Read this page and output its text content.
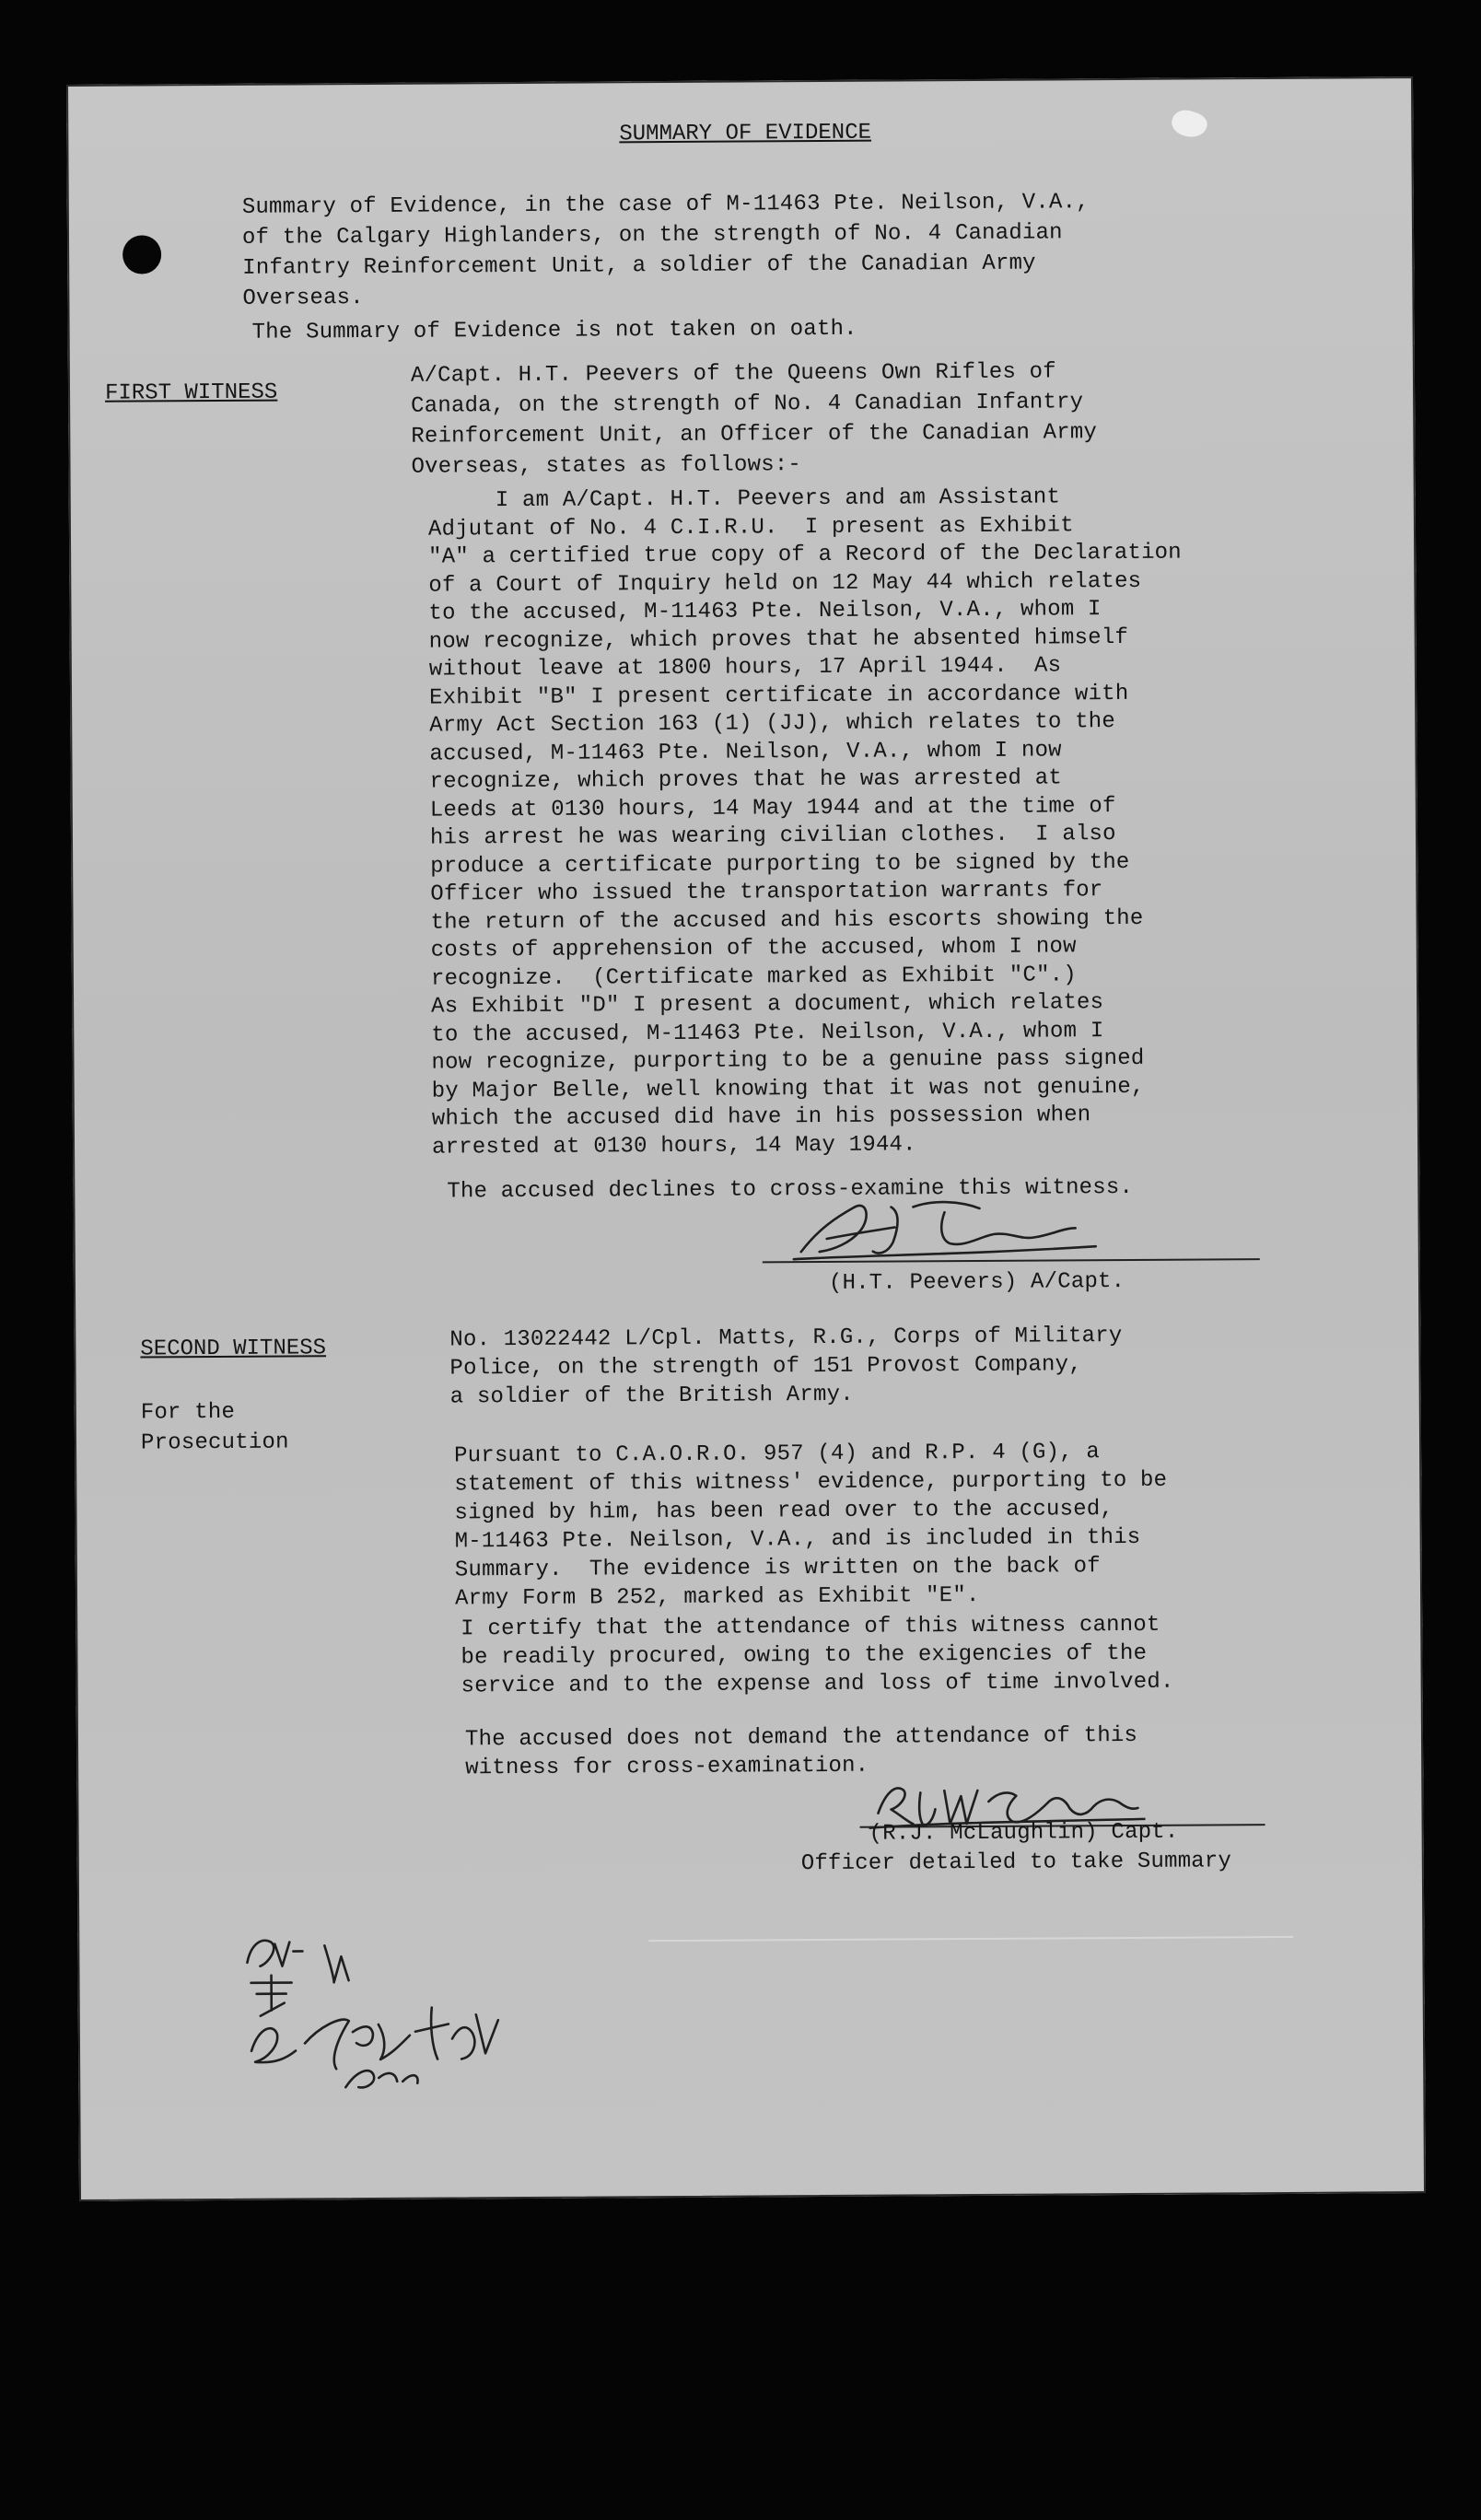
SUMMARY OF EVIDENCE
Summary of Evidence, in the case of M-11463 Pte. Neilson, V.A.,
of the Calgary Highlanders, on the strength of No. 4 Canadian
Infantry Reinforcement Unit, a soldier of the Canadian Army
Overseas.
The Summary of Evidence is not taken on oath.
FIRST WITNESS
A/Capt. H.T. Peevers of the Queens Own Rifles of
Canada, on the strength of No. 4 Canadian Infantry
Reinforcement Unit, an Officer of the Canadian Army
Overseas, states as follows:-
I am A/Capt. H.T. Peevers and am Assistant
Adjutant of No. 4 C.I.R.U.  I present as Exhibit
"A" a certified true copy of a Record of the Declaration
of a Court of Inquiry held on 12 May 44 which relates
to the accused, M-11463 Pte. Neilson, V.A., whom I
now recognize, which proves that he absented himself
without leave at 1800 hours, 17 April 1944.  As
Exhibit "B" I present certificate in accordance with
Army Act Section 163 (1) (JJ), which relates to the
accused, M-11463 Pte. Neilson, V.A., whom I now
recognize, which proves that he was arrested at
Leeds at 0130 hours, 14 May 1944 and at the time of
his arrest he was wearing civilian clothes.  I also
produce a certificate purporting to be signed by the
Officer who issued the transportation warrants for
the return of the accused and his escorts showing the
costs of apprehension of the accused, whom I now
recognize.  (Certificate marked as Exhibit "C".)
As Exhibit "D" I present a document, which relates
to the accused, M-11463 Pte. Neilson, V.A., whom I
now recognize, purporting to be a genuine pass signed
by Major Belle, well knowing that it was not genuine,
which the accused did have in his possession when
arrested at 0130 hours, 14 May 1944.
The accused declines to cross-examine this witness.
(H.T. Peevers) A/Capt.
SECOND WITNESS
For the
Prosecution
No. 13022442 L/Cpl. Matts, R.G., Corps of Military
Police, on the strength of 151 Provost Company,
a soldier of the British Army.
Pursuant to C.A.O.R.O. 957 (4) and R.P. 4 (G), a
statement of this witness' evidence, purporting to be
signed by him, has been read over to the accused,
M-11463 Pte. Neilson, V.A., and is included in this
Summary.  The evidence is written on the back of
Army Form B 252, marked as Exhibit "E".
I certify that the attendance of this witness cannot
be readily procured, owing to the exigencies of the
service and to the expense and loss of time involved.
The accused does not demand the attendance of this
witness for cross-examination.
(R.J. McLaughlin) Capt.
Officer detailed to take Summary
